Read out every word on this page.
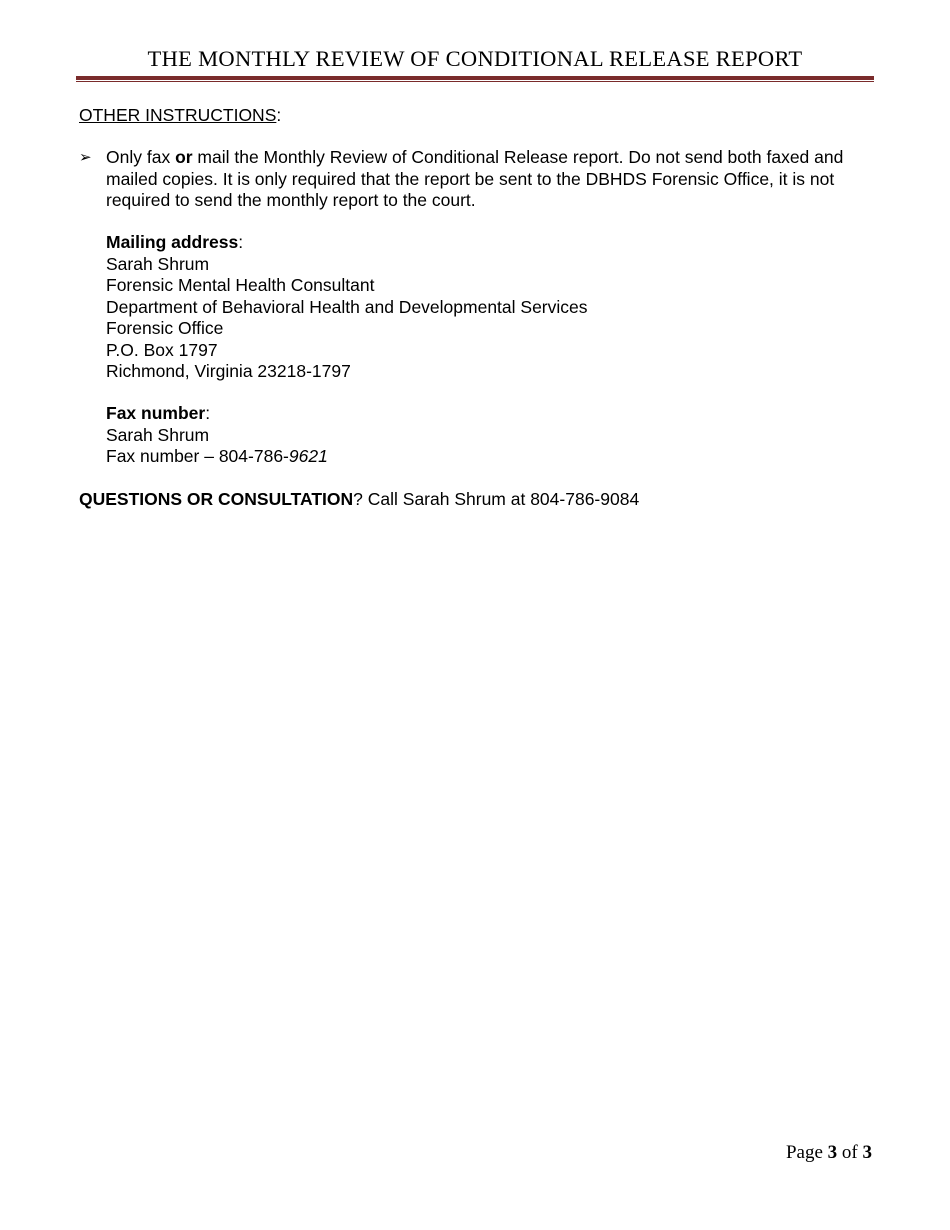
THE MONTHLY REVIEW OF CONDITIONAL RELEASE REPORT
OTHER INSTRUCTIONS:
➢ Only fax or mail the Monthly Review of Conditional Release report. Do not send both faxed and mailed copies. It is only required that the report be sent to the DBHDS Forensic Office, it is not required to send the monthly report to the court.
Mailing address:
Sarah Shrum
Forensic Mental Health Consultant
Department of Behavioral Health and Developmental Services
Forensic Office
P.O. Box 1797
Richmond, Virginia 23218-1797
Fax number:
Sarah Shrum
Fax number – 804-786-9621
QUESTIONS OR CONSULTATION? Call Sarah Shrum at 804-786-9084
Page 3 of 3
